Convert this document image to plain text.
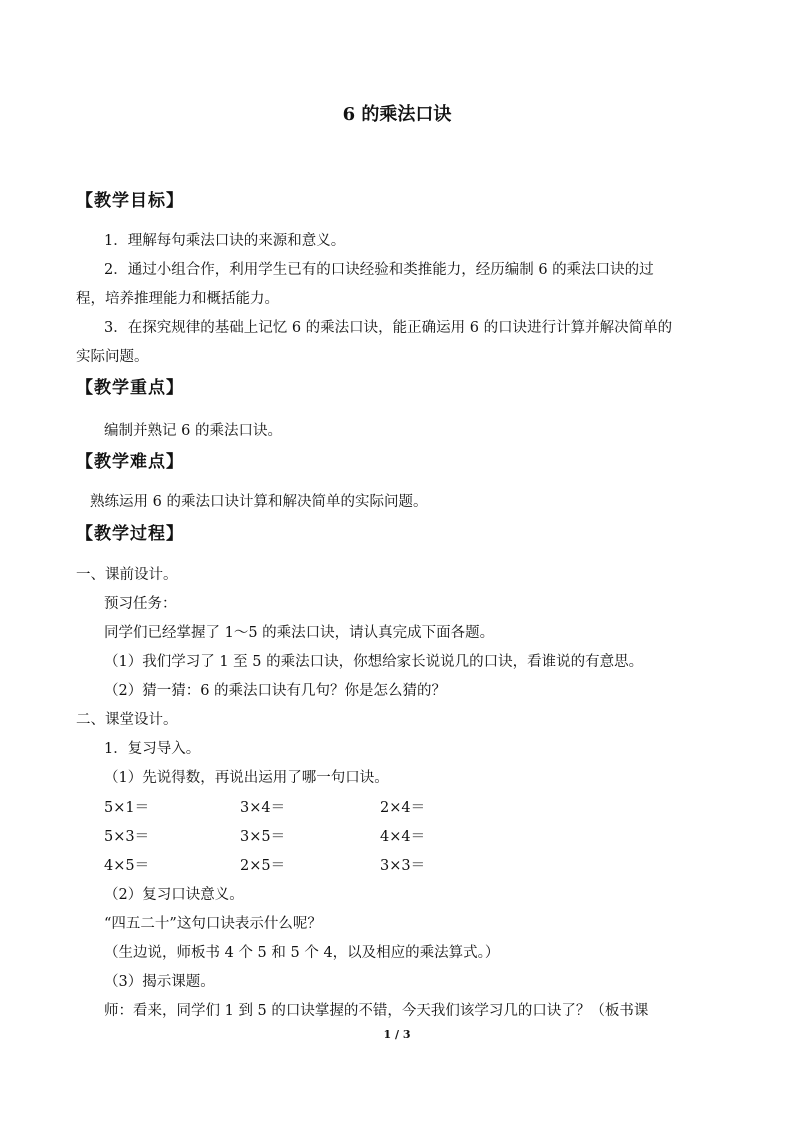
6 的乘法口诀
【教学目标】
1．理解每句乘法口诀的来源和意义。
2．通过小组合作，利用学生已有的口诀经验和类推能力，经历编制 6 的乘法口诀的过
程，培养推理能力和概括能力。
3．在探究规律的基础上记忆 6 的乘法口诀，能正确运用 6 的口诀进行计算并解决简单的
实际问题。
【教学重点】
编制并熟记 6 的乘法口诀。
【教学难点】
熟练运用 6 的乘法口诀计算和解决简单的实际问题。
【教学过程】
一、课前设计。
预习任务：
同学们已经掌握了 1～5 的乘法口诀，请认真完成下面各题。
（1）我们学习了 1 至 5 的乘法口诀，你想给家长说说几的口诀，看谁说的有意思。
（2）猜一猜：6 的乘法口诀有几句？你是怎么猜的？
二、课堂设计。
1．复习导入。
（1）先说得数，再说出运用了哪一句口诀。
5×1＝	3×4＝	2×4＝
5×3＝	3×5＝	4×4＝
4×5＝	2×5＝	3×3＝
（2）复习口诀意义。
“四五二十”这句口诀表示什么呢？
（生边说，师板书 4 个 5 和 5 个 4，以及相应的乘法算式。）
（3）揭示课题。
师：看来，同学们 1 到 5 的口诀掌握的不错，今天我们该学习几的口诀了？（板书课
1 / 3
